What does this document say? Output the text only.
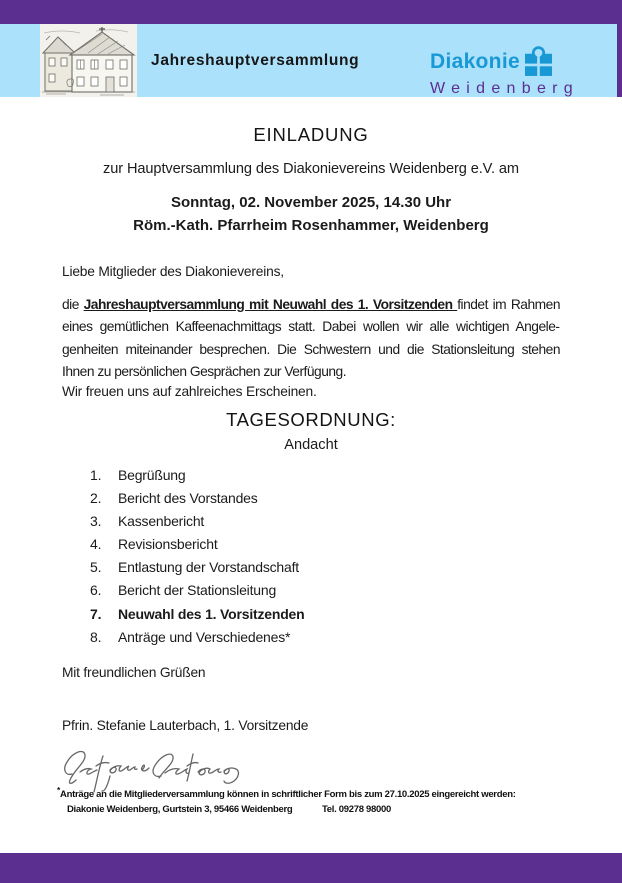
Jahreshauptversammlung	Diakonie
Weidenberg
EINLADUNG
zur Hauptversammlung des Diakonievereins Weidenberg e.V. am
Sonntag, 02. November 2025, 14.30 Uhr
Röm.-Kath. Pfarrheim Rosenhammer, Weidenberg
Liebe Mitglieder des Diakonievereins,

die Jahreshauptversammlung mit Neuwahl des 1. Vorsitzenden findet im Rahmen eines gemütlichen Kaffeenachmittags statt. Dabei wollen wir alle wichtigen Angelegenheiten miteinander besprechen. Die Schwestern und die Stationsleitung stehen Ihnen zu persönlichen Gesprächen zur Verfügung.

Wir freuen uns auf zahlreiches Erscheinen.
TAGESORDNUNG:
Andacht
1.	Begrüßung
2.	Bericht des Vorstandes
3.	Kassenbericht
4.	Revisionsbericht
5.	Entlastung der Vorstandschaft
6.	Bericht der Stationsleitung
7.	Neuwahl des 1. Vorsitzenden
8.	Anträge und Verschiedenes*
Mit freundlichen Grüßen
Pfrin. Stefanie Lauterbach, 1. Vorsitzende
*Anträge an die Mitgliederversammlung können in schriftlicher Form bis zum 27.10.2025 eingereicht werden:
Diakonie Weidenberg, Gurtstein 3, 95466 Weidenberg	Tel. 09278 98000
